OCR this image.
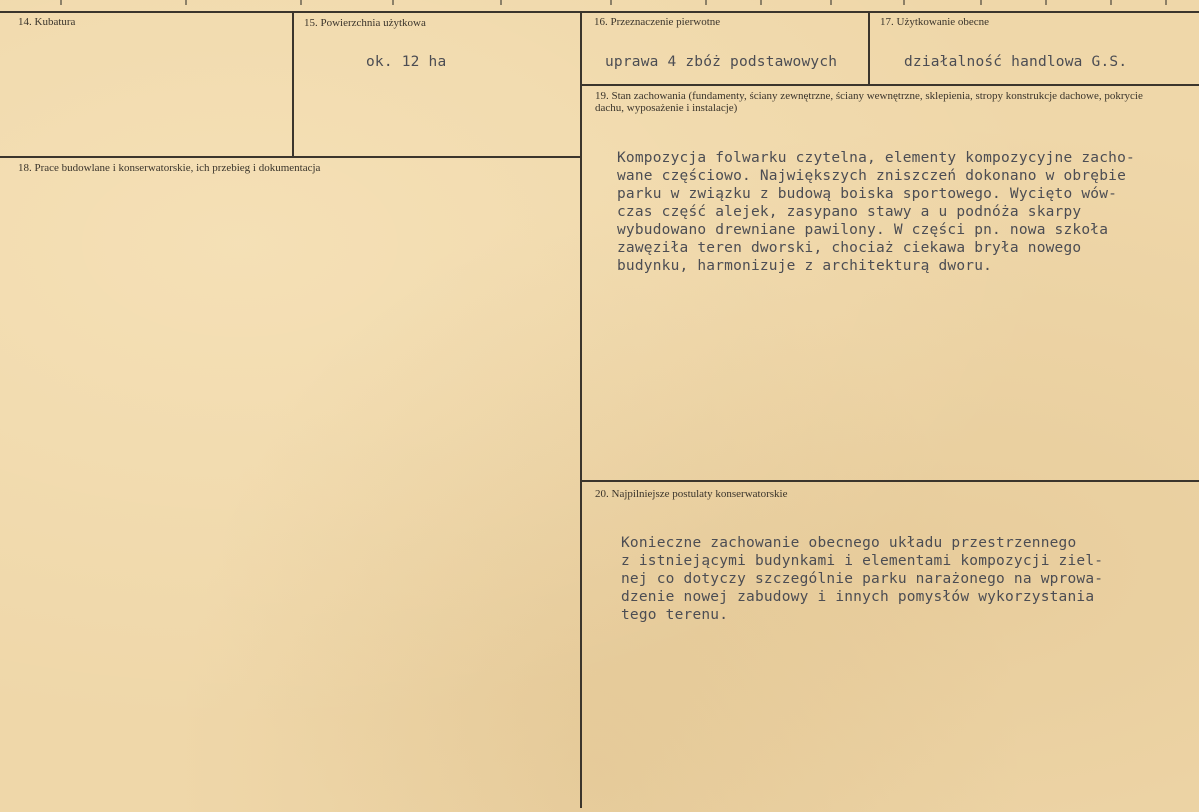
14. Kubatura	15. Powierzchnia użytkowa
ok. 12 ha
16. Przeznaczenie pierwotne
uprawa 4 zbóż podstawowych
17. Użytkowanie obecne
działalność handlowa G.S.
18. Prace budowlane i konserwatorskie, ich przebieg i dokumentacja
19. Stan zachowania (fundamenty, ściany zewnętrzne, ściany wewnętrzne, sklepienia, stropy konstrukcje dachowe, pokrycie dachu, wyposażenie i instalacje)
Kompozycja folwarku czytelna, elementy kompozycyjne zacho-
wane częściowo. Największych zniszczeń dokonano w obrębie
parku w związku z budową boiska sportowego. Wycięto wów-
czas część alejek, zasypano stawy a u podnóża skarpy
wybudowano drewniane pawilony. W części pn. nowa szkoła
zawęziła teren dworski, chociaż ciekawa bryła nowego
budynku, harmonizuje z architekturą dworu.
20. Najpilniejsze postulaty konserwatorskie
Konieczne zachowanie obecnego układu przestrzennego
z istniejącymi budynkami i elementami kompozycji ziel-
nej co dotyczy szczególnie parku narażonego na wprowa-
dzenie nowej zabudowy i innych pomysłów wykorzystania
tego terenu.
